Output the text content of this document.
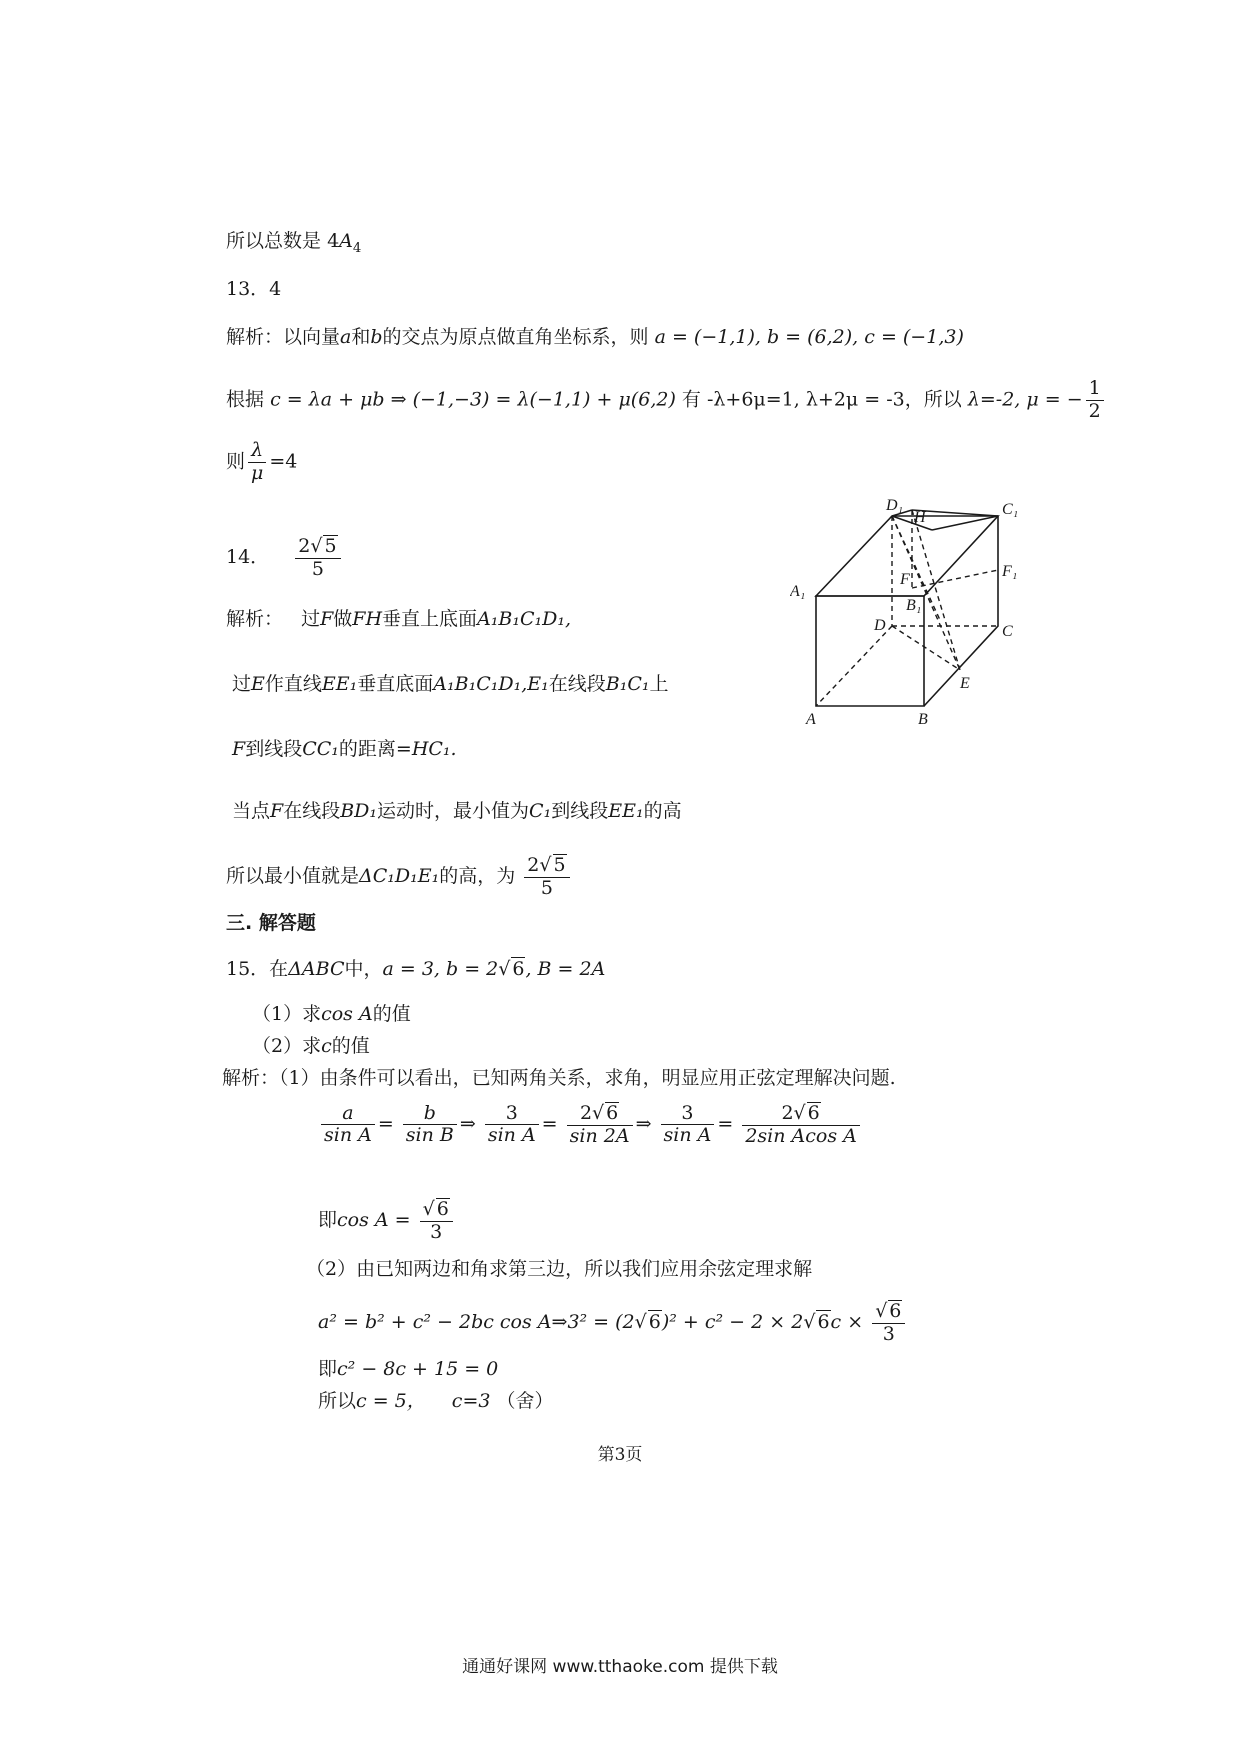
所以总数是 $4A_4$
13．4
解析：以向量a和b的交点为原点做直角坐标系，则 a = (−1,1), b = (6,2), c = (−1,3)
根据 c = λa + μb ⇒ (−1,−3) = λ(−1,1) + μ(6,2) 有 -λ+6μ=1, λ+2μ = -3，所以 λ=-2, μ = − $\frac{1}{2}$
则 $\frac{\lambda}{\mu} =4$
14． $\frac{2√ 5}{5}$
解析： 过F做FH垂直上底面A₁B₁C₁D₁,
过E作直线EE₁垂直底面A₁B₁C₁D₁,E₁在线段B₁C₁上
F到线段CC₁的距离=HC₁.
当点F在线段BD₁运动时，最小值为C₁到线段EE₁的高
所以最小值就是ΔC₁D₁E₁的高，为 $\frac{2√ 5}{5}$
D₁
H	C₁
F₁
F
A₁
B₁
D	C
E
A	B
三. 解答题
15．在ΔABC中，a = 3, b = 2√ 6, B = 2A
（1）求cos A的值
（2）求c的值
解析：（1）由条件可以看出，已知两角关系，求角，明显应用正弦定理解决问题.
$\frac{a}{\text{sin A}} = \frac{b}{\text{sin B}}$ ⇒ $\frac{3}{\text{sin A}} = \frac{2√ 6}{\sin 2A}$ ⇒ $\frac{3}{\text{sin A}} = \frac{2√ 6}{\text{2sin Acos A}}$
即$\cos A = \frac{√ 6}{3}$
（2）由已知两边和角求第三边，所以我们应用余弦定理求解
a² = b² + c² − 2bc cos A⇒3² = (2√ 6)² + c² − 2 × 2√ $6c \times \frac{√ 6}{3}$
即c² − 8c + 15 = 0
所以c = 5， c=3 （舍）
第3页
通通好课网 www.tthaoke.com 提供下载
